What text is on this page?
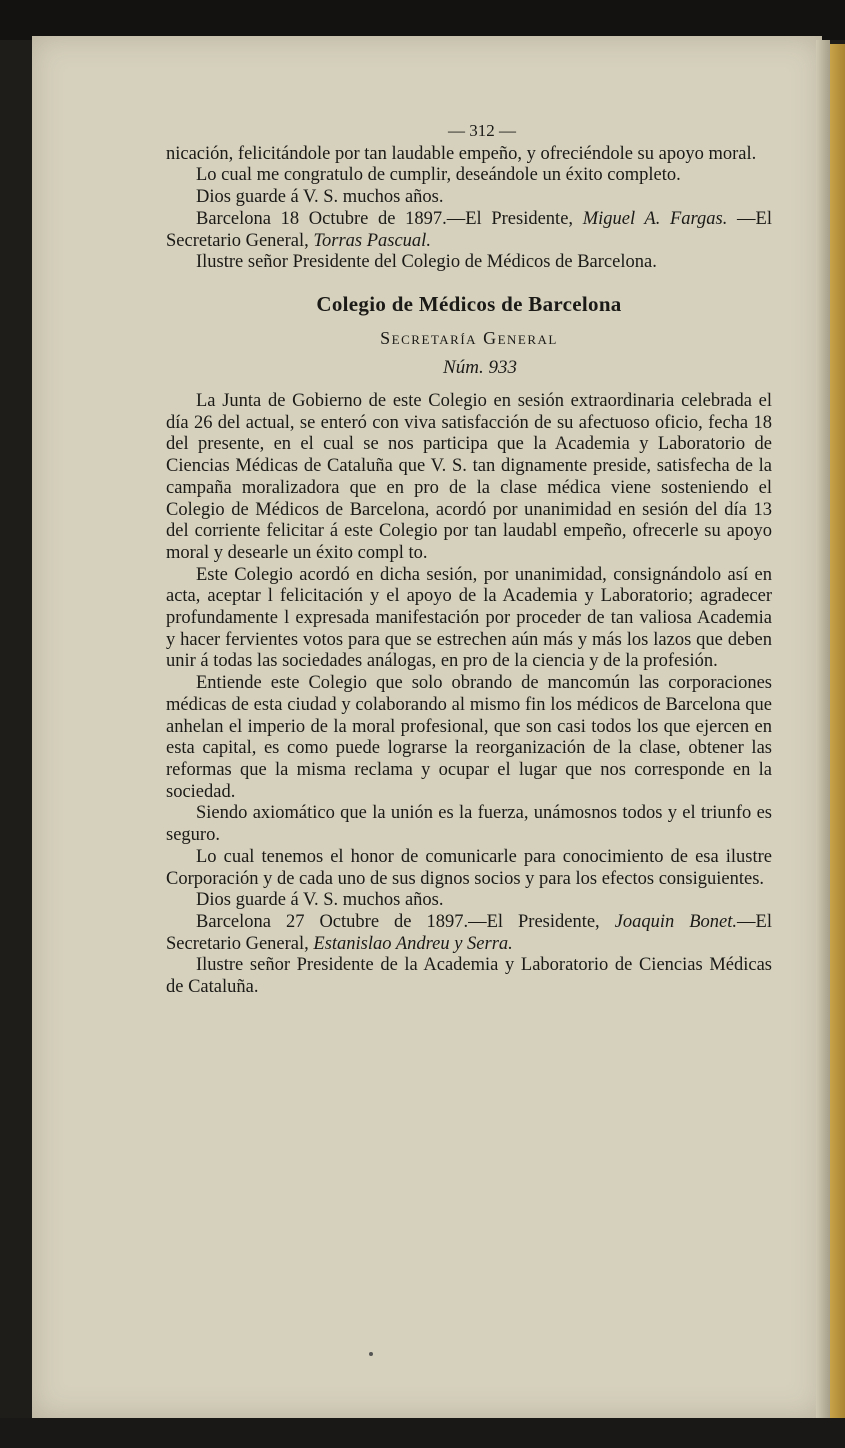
— 312 —

nicación, felicitándole por tan laudable empeño, y ofreciéndole su apoyo moral.

Lo cual me congratulo de cumplir, deseándole un éxito completo.

Dios guarde á V. S. muchos años.

Barcelona 18 Octubre de 1897.—El Presidente, Miguel A. Fargas. —El Secretario General, Torras Pascual.

Ilustre señor Presidente del Colegio de Médicos de Barcelona.

Colegio de Médicos de Barcelona
Secretaría General
Núm. 933

La Junta de Gobierno de este Colegio en sesión extraordinaria celebrada el día 26 del actual, se enteró con viva satisfacción de su afectuoso oficio, fecha 18 del presente, en el cual se nos participa que la Academia y Laboratorio de Ciencias Médicas de Cataluña que V. S. tan dignamente preside, satisfecha de la campaña moralizadora que en pro de la clase médica viene sosteniendo el Colegio de Médicos de Barcelona, acordó por unanimidad en sesión del día 13 del corriente felicitar á este Colegio por tan laudabl empeño, ofrecerle su apoyo moral y desearle un éxito compl to.

Este Colegio acordó en dicha sesión, por unanimidad, consignándolo así en acta, aceptar l felicitación y el apoyo de la Academia y Laboratorio; agradecer profundamente l expresada manifestación por proceder de tan valiosa Academia y hacer fervientes votos para que se estrechen aún más y más los lazos que deben unir á todas las sociedades análogas, en pro de la ciencia y de la profesión.

Entiende este Colegio que solo obrando de mancomún las corporaciones médicas de esta ciudad y colaborando al mismo fin los médicos de Barcelona que anhelan el imperio de la moral profesional, que son casi todos los que ejercen en esta capital, es como puede lograrse la reorganización de la clase, obtener las reformas que la misma reclama y ocupar el lugar que nos corresponde en la sociedad.

Siendo axiomático que la unión es la fuerza, unámosnos todos y el triunfo es seguro.

Lo cual tenemos el honor de comunicarle para conocimiento de esa ilustre Corporación y de cada uno de sus dignos socios y para los efectos consiguientes.

Dios guarde á V. S. muchos años.

Barcelona 27 Octubre de 1897.—El Presidente, Joaquin Bonet.—El Secretario General, Estanislao Andreu y Serra.

Ilustre señor Presidente de la Academia y Laboratorio de Ciencias Médicas de Cataluña.
